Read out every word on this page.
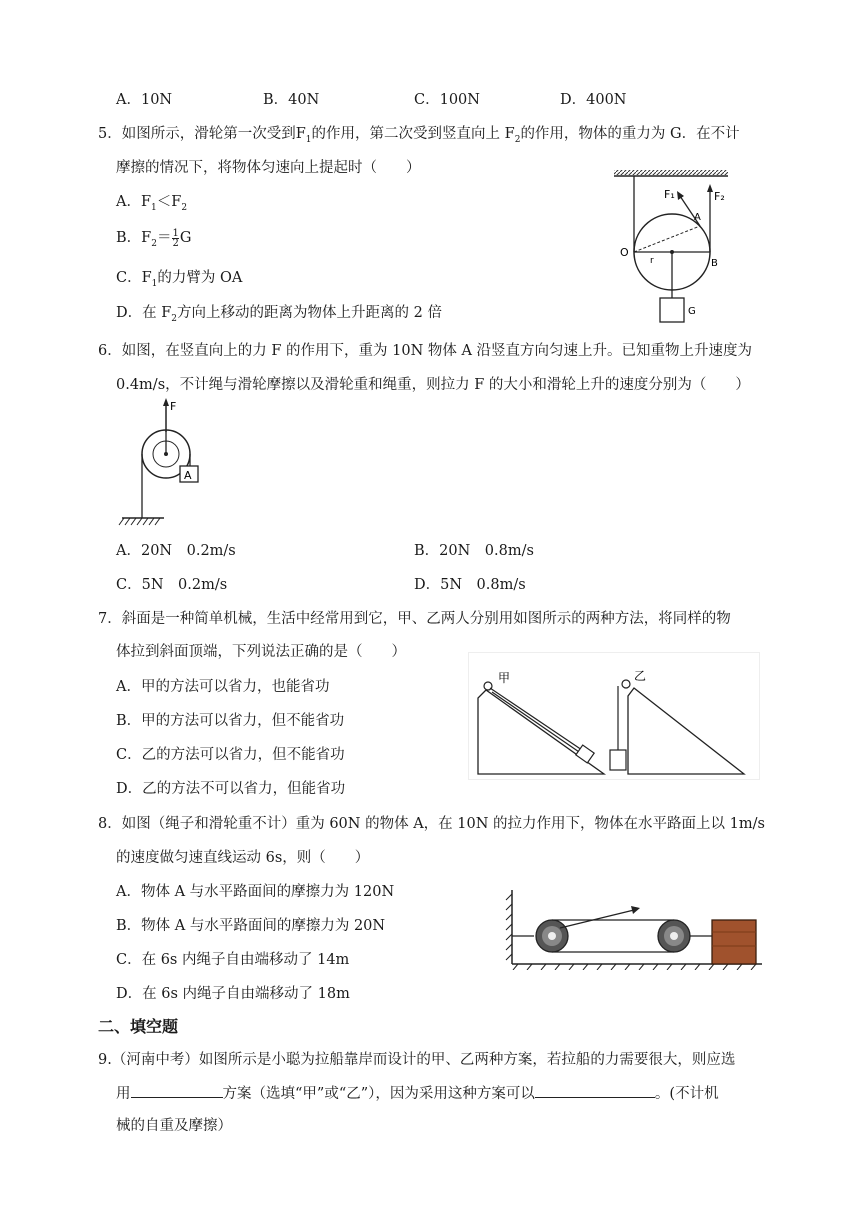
A．10N	B．40N	C．100N	D．400N
5．如图所示，滑轮第一次受到$F_1$的作用，第二次受到竖直向上 $F_2$的作用，物体的重力为 G．在不计
摩擦的情况下，将物体匀速向上提起时（　　）
A．$F_1<F_2$
B．$F_2= \frac{1}{2}$ G
C．$F_1$的力臂为 OA
D．在 $F_2$方向上移动的距离为物体上升距离的 2 倍
F₁	F₂
A
O
r	B
G
6．如图，在竖直向上的力 F 的作用下，重为 10N 物体 A 沿竖直方向匀速上升。已知重物上升速度为
0.4m/s，不计绳与滑轮摩擦以及滑轮重和绳重，则拉力 F 的大小和滑轮上升的速度分别为（　　）
F
A
A．20N　0.2m/s	B．20N　0.8m/s
C．5N　0.2m/s	D．5N　0.8m/s
7．斜面是一种简单机械，生活中经常用到它，甲、乙两人分别用如图所示的两种方法，将同样的物
体拉到斜面顶端，下列说法正确的是（　　）
A．甲的方法可以省力，也能省功
B．甲的方法可以省力，但不能省功
C．乙的方法可以省力，但不能省功
D．乙的方法不可以省力，但能省功
甲	乙
8．如图（绳子和滑轮重不计）重为 60N 的物体 A，在 10N 的拉力作用下，物体在水平路面上以 1m/s
的速度做匀速直线运动 6s，则（　　）
A．物体 A 与水平路面间的摩擦力为 120N
B．物体 A 与水平路面间的摩擦力为 20N
C．在 6s 内绳子自由端移动了 14m
D．在 6s 内绳子自由端移动了 18m
二、填空题
9.（河南中考）如图所示是小聪为拉船靠岸而设计的甲、乙两种方案，若拉船的力需要很大，则应选
用	方案（选填“甲”或“乙”），因为采用这种方案可以	。(不计机
械的自重及摩擦）
